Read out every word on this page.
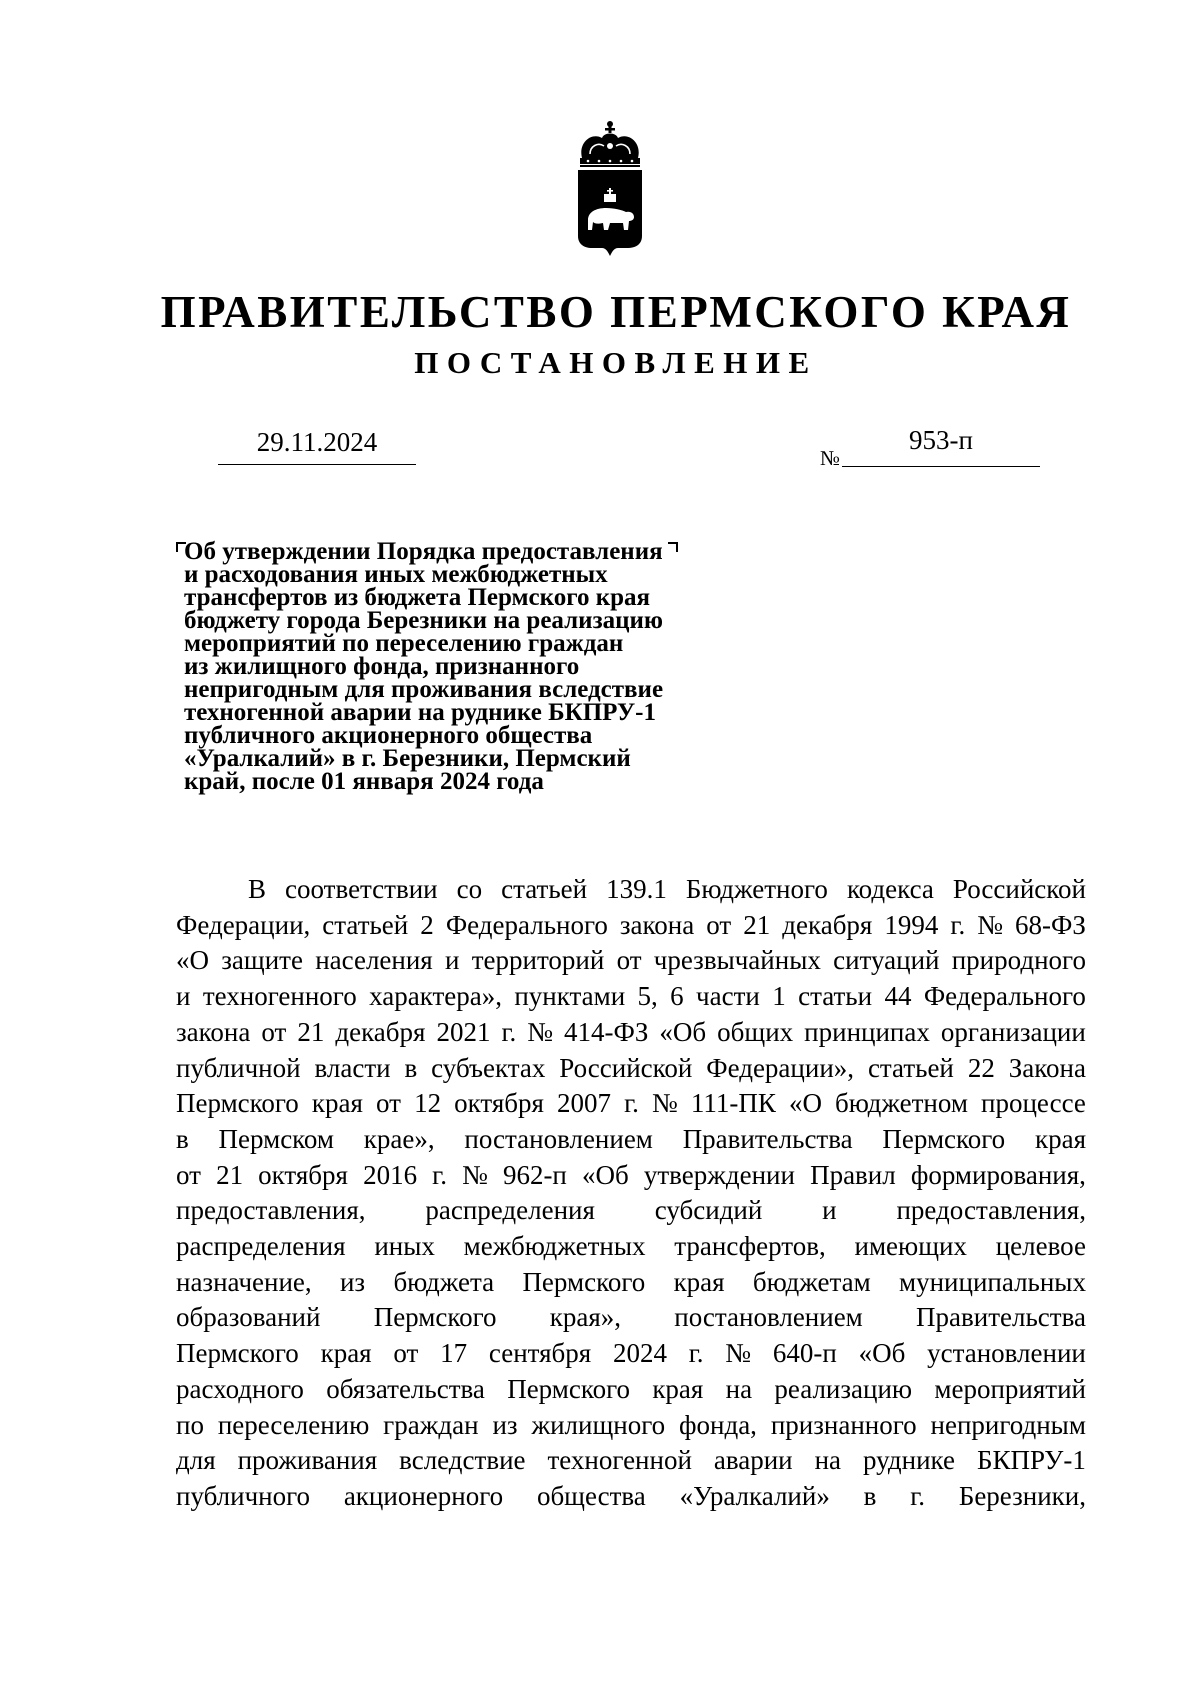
ПРАВИТЕЛЬСТВО ПЕРМСКОГО КРАЯ
ПОСТАНОВЛЕНИЕ
29.11.2024
№
953-п
Об утверждении Порядка предоставления
и расходования иных межбюджетных
трансфертов из бюджета Пермского края
бюджету города Березники на реализацию
мероприятий по переселению граждан
из жилищного фонда, признанного
непригодным для проживания вследствие
техногенной аварии на руднике БКПРУ-1
публичного акционерного общества
«Уралкалий» в г. Березники, Пермский
край, после 01 января 2024 года
В соответствии со статьей 139.1 Бюджетного кодекса Российской
Федерации, статьей 2 Федерального закона от 21 декабря 1994 г. № 68-ФЗ
«О защите населения и территорий от чрезвычайных ситуаций природного
и техногенного характера», пунктами 5, 6 части 1 статьи 44 Федерального
закона от 21 декабря 2021 г. № 414-ФЗ «Об общих принципах организации
публичной власти в субъектах Российской Федерации», статьей 22 Закона
Пермского края от 12 октября 2007 г. № 111-ПК «О бюджетном процессе
в Пермском крае», постановлением Правительства Пермского края
от 21 октября 2016 г. № 962-п «Об утверждении Правил формирования,
предоставления, распределения субсидий и предоставления,
распределения иных межбюджетных трансфертов, имеющих целевое
назначение, из бюджета Пермского края бюджетам муниципальных
образований Пермского края», постановлением Правительства
Пермского края от 17 сентября 2024 г. № 640-п «Об установлении
расходного обязательства Пермского края на реализацию мероприятий
по переселению граждан из жилищного фонда, признанного непригодным
для проживания вследствие техногенной аварии на руднике БКПРУ-1
публичного акционерного общества «Уралкалий» в г. Березники,
